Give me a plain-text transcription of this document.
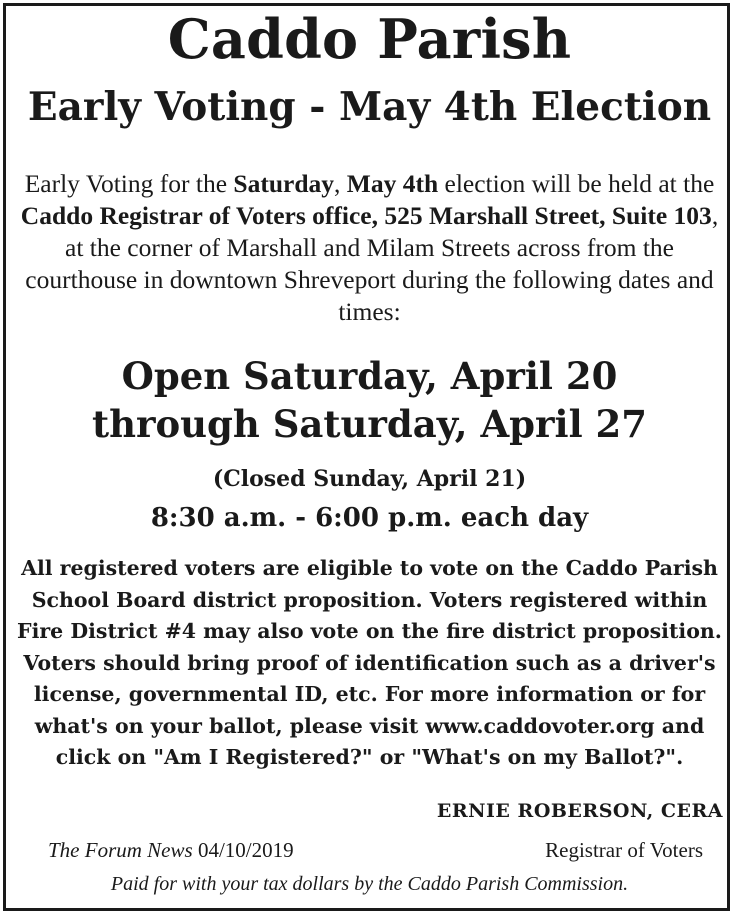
Caddo Parish
Early Voting - May 4th Election
Early Voting for the Saturday, May 4th election will be held at the Caddo Registrar of Voters office, 525 Marshall Street, Suite 103, at the corner of Marshall and Milam Streets across from the courthouse in downtown Shreveport during the following dates and times:
Open Saturday, April 20
through Saturday, April 27
(Closed Sunday, April 21)
8:30 a.m. - 6:00 p.m. each day
All registered voters are eligible to vote on the Caddo Parish School Board district proposition. Voters registered within Fire District #4 may also vote on the fire district proposition. Voters should bring proof of identification such as a driver's license, governmental ID, etc. For more information or for what's on your ballot, please visit www.caddovoter.org and click on "Am I Registered?" or "What's on my Ballot?".
ERNIE ROBERSON, CERA
The Forum News 04/10/2019	Registrar of Voters
Paid for with your tax dollars by the Caddo Parish Commission.
